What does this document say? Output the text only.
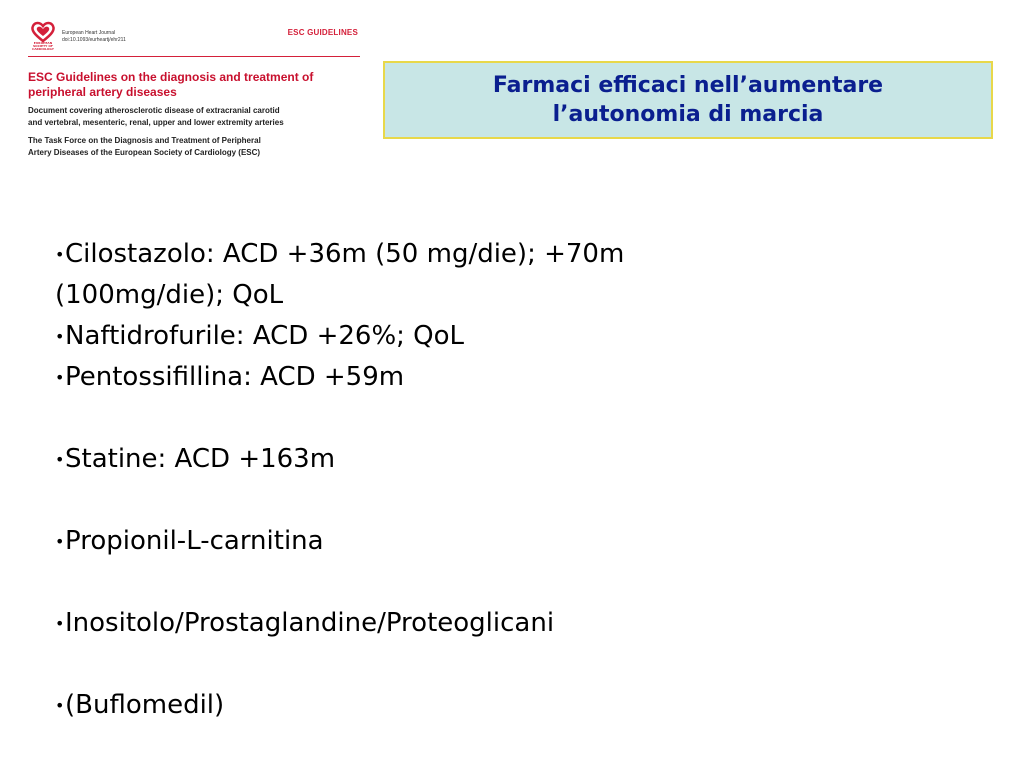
EUROPEAN SOCIETY OF CARDIOLOGY
European Heart Journal
doi:10.1093/eurheartj/ehr211
ESC GUIDELINES
ESC Guidelines on the diagnosis and treatment of
peripheral artery diseases
Document covering atherosclerotic disease of extracranial carotid
and vertebral, mesenteric, renal, upper and lower extremity arteries
The Task Force on the Diagnosis and Treatment of Peripheral
Artery Diseases of the European Society of Cardiology (ESC)
Farmaci efficaci nell’aumentare
l’autonomia di marcia
• Cilostazolo: ACD +36m (50 mg/die); +70m
(100mg/die); QoL
• Naftidrofurile: ACD +26%; QoL
• Pentossifillina: ACD +59m
• Statine: ACD +163m
• Propionil-L-carnitina
• Inositolo/Prostaglandine/Proteoglicani
• (Buflomedil)
